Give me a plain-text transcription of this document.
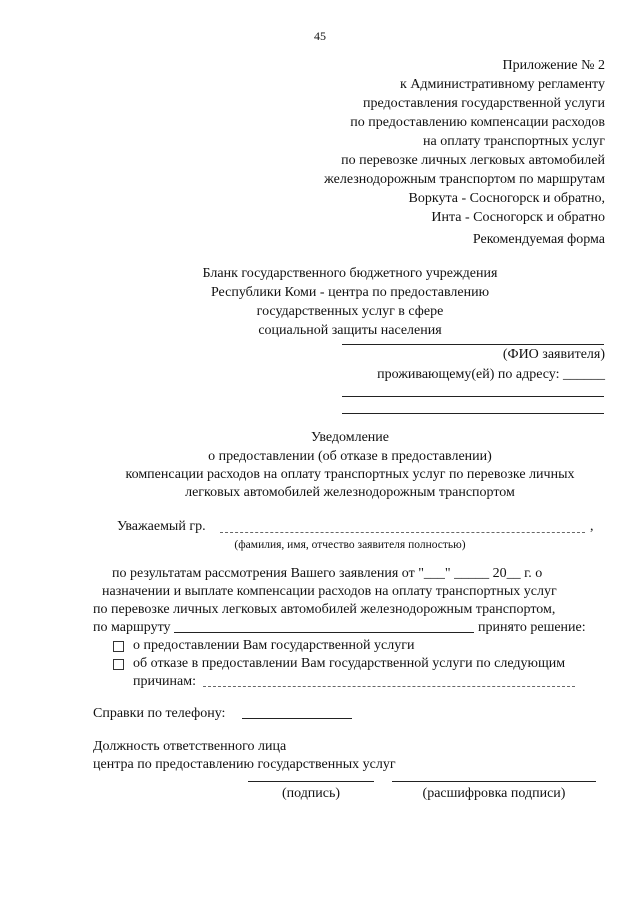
45
Приложение № 2
к Административному регламенту
предоставления государственной услуги
по предоставлению компенсации расходов
на оплату транспортных услуг
по перевозке личных легковых автомобилей
железнодорожным транспортом по маршрутам
Воркута - Сосногорск и обратно,
Инта - Сосногорск и обратно
Рекомендуемая форма
Бланк государственного бюджетного учреждения
Республики Коми - центра по предоставлению
государственных услуг в сфере
социальной защиты населения
(ФИО заявителя)
проживающему(ей) по адресу: ______
Уведомление
о предоставлении (об отказе в предоставлении)
компенсации расходов на оплату транспортных услуг по перевозке личных
легковых автомобилей железнодорожным транспортом
Уважаемый гр.	,
(фамилия, имя, отчество заявителя полностью)
по результатам рассмотрения Вашего заявления от "___" _____ 20__ г. о
назначении и выплате компенсации расходов на оплату транспортных услуг
по перевозке личных легковых автомобилей железнодорожным транспортом,
по маршруту	принято решение:
о предоставлении Вам государственной услуги
об отказе в предоставлении Вам государственной услуги по следующим
причинам:
Справки по телефону:
Должность ответственного лица
центра по предоставлению государственных услуг
(подпись)	(расшифровка подписи)
